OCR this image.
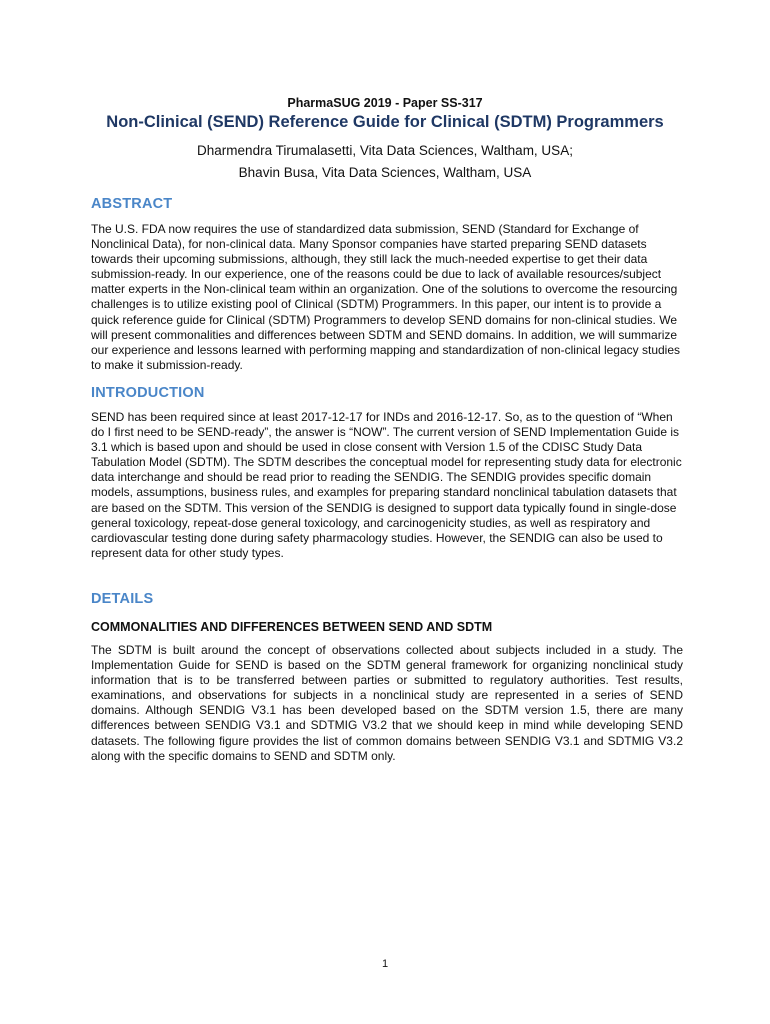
PharmaSUG 2019 - Paper SS-317
Non-Clinical (SEND) Reference Guide for Clinical (SDTM) Programmers
Dharmendra Tirumalasetti, Vita Data Sciences, Waltham, USA;
Bhavin Busa, Vita Data Sciences, Waltham, USA
ABSTRACT

The U.S. FDA now requires the use of standardized data submission, SEND (Standard for Exchange of Nonclinical Data), for non-clinical data. Many Sponsor companies have started preparing SEND datasets towards their upcoming submissions, although, they still lack the much-needed expertise to get their data submission-ready. In our experience, one of the reasons could be due to lack of available resources/subject matter experts in the Non-clinical team within an organization. One of the solutions to overcome the resourcing challenges is to utilize existing pool of Clinical (SDTM) Programmers. In this paper, our intent is to provide a quick reference guide for Clinical (SDTM) Programmers to develop SEND domains for non-clinical studies. We will present commonalities and differences between SDTM and SEND domains. In addition, we will summarize our experience and lessons learned with performing mapping and standardization of non-clinical legacy studies to make it submission-ready.

INTRODUCTION

SEND has been required since at least 2017-12-17 for INDs and 2016-12-17. So, as to the question of “When do I first need to be SEND-ready”, the answer is “NOW”. The current version of SEND Implementation Guide is 3.1 which is based upon and should be used in close consent with Version 1.5 of the CDISC Study Data Tabulation Model (SDTM). The SDTM describes the conceptual model for representing study data for electronic data interchange and should be read prior to reading the SENDIG. The SENDIG provides specific domain models, assumptions, business rules, and examples for preparing standard nonclinical tabulation datasets that are based on the SDTM. This version of the SENDIG is designed to support data typically found in single-dose general toxicology, repeat-dose general toxicology, and carcinogenicity studies, as well as respiratory and cardiovascular testing done during safety pharmacology studies. However, the SENDIG can also be used to represent data for other study types.

DETAILS
COMMONALITIES AND DIFFERENCES BETWEEN SEND AND SDTM

The SDTM is built around the concept of observations collected about subjects included in a study. The Implementation Guide for SEND is based on the SDTM general framework for organizing nonclinical study information that is to be transferred between parties or submitted to regulatory authorities. Test results, examinations, and observations for subjects in a nonclinical study are represented in a series of SEND domains. Although SENDIG V3.1 has been developed based on the SDTM version 1.5, there are many differences between SENDIG V3.1 and SDTMIG V3.2 that we should keep in mind while developing SEND datasets. The following figure provides the list of common domains between SENDIG V3.1 and SDTMIG V3.2 along with the specific domains to SEND and SDTM only.

1
